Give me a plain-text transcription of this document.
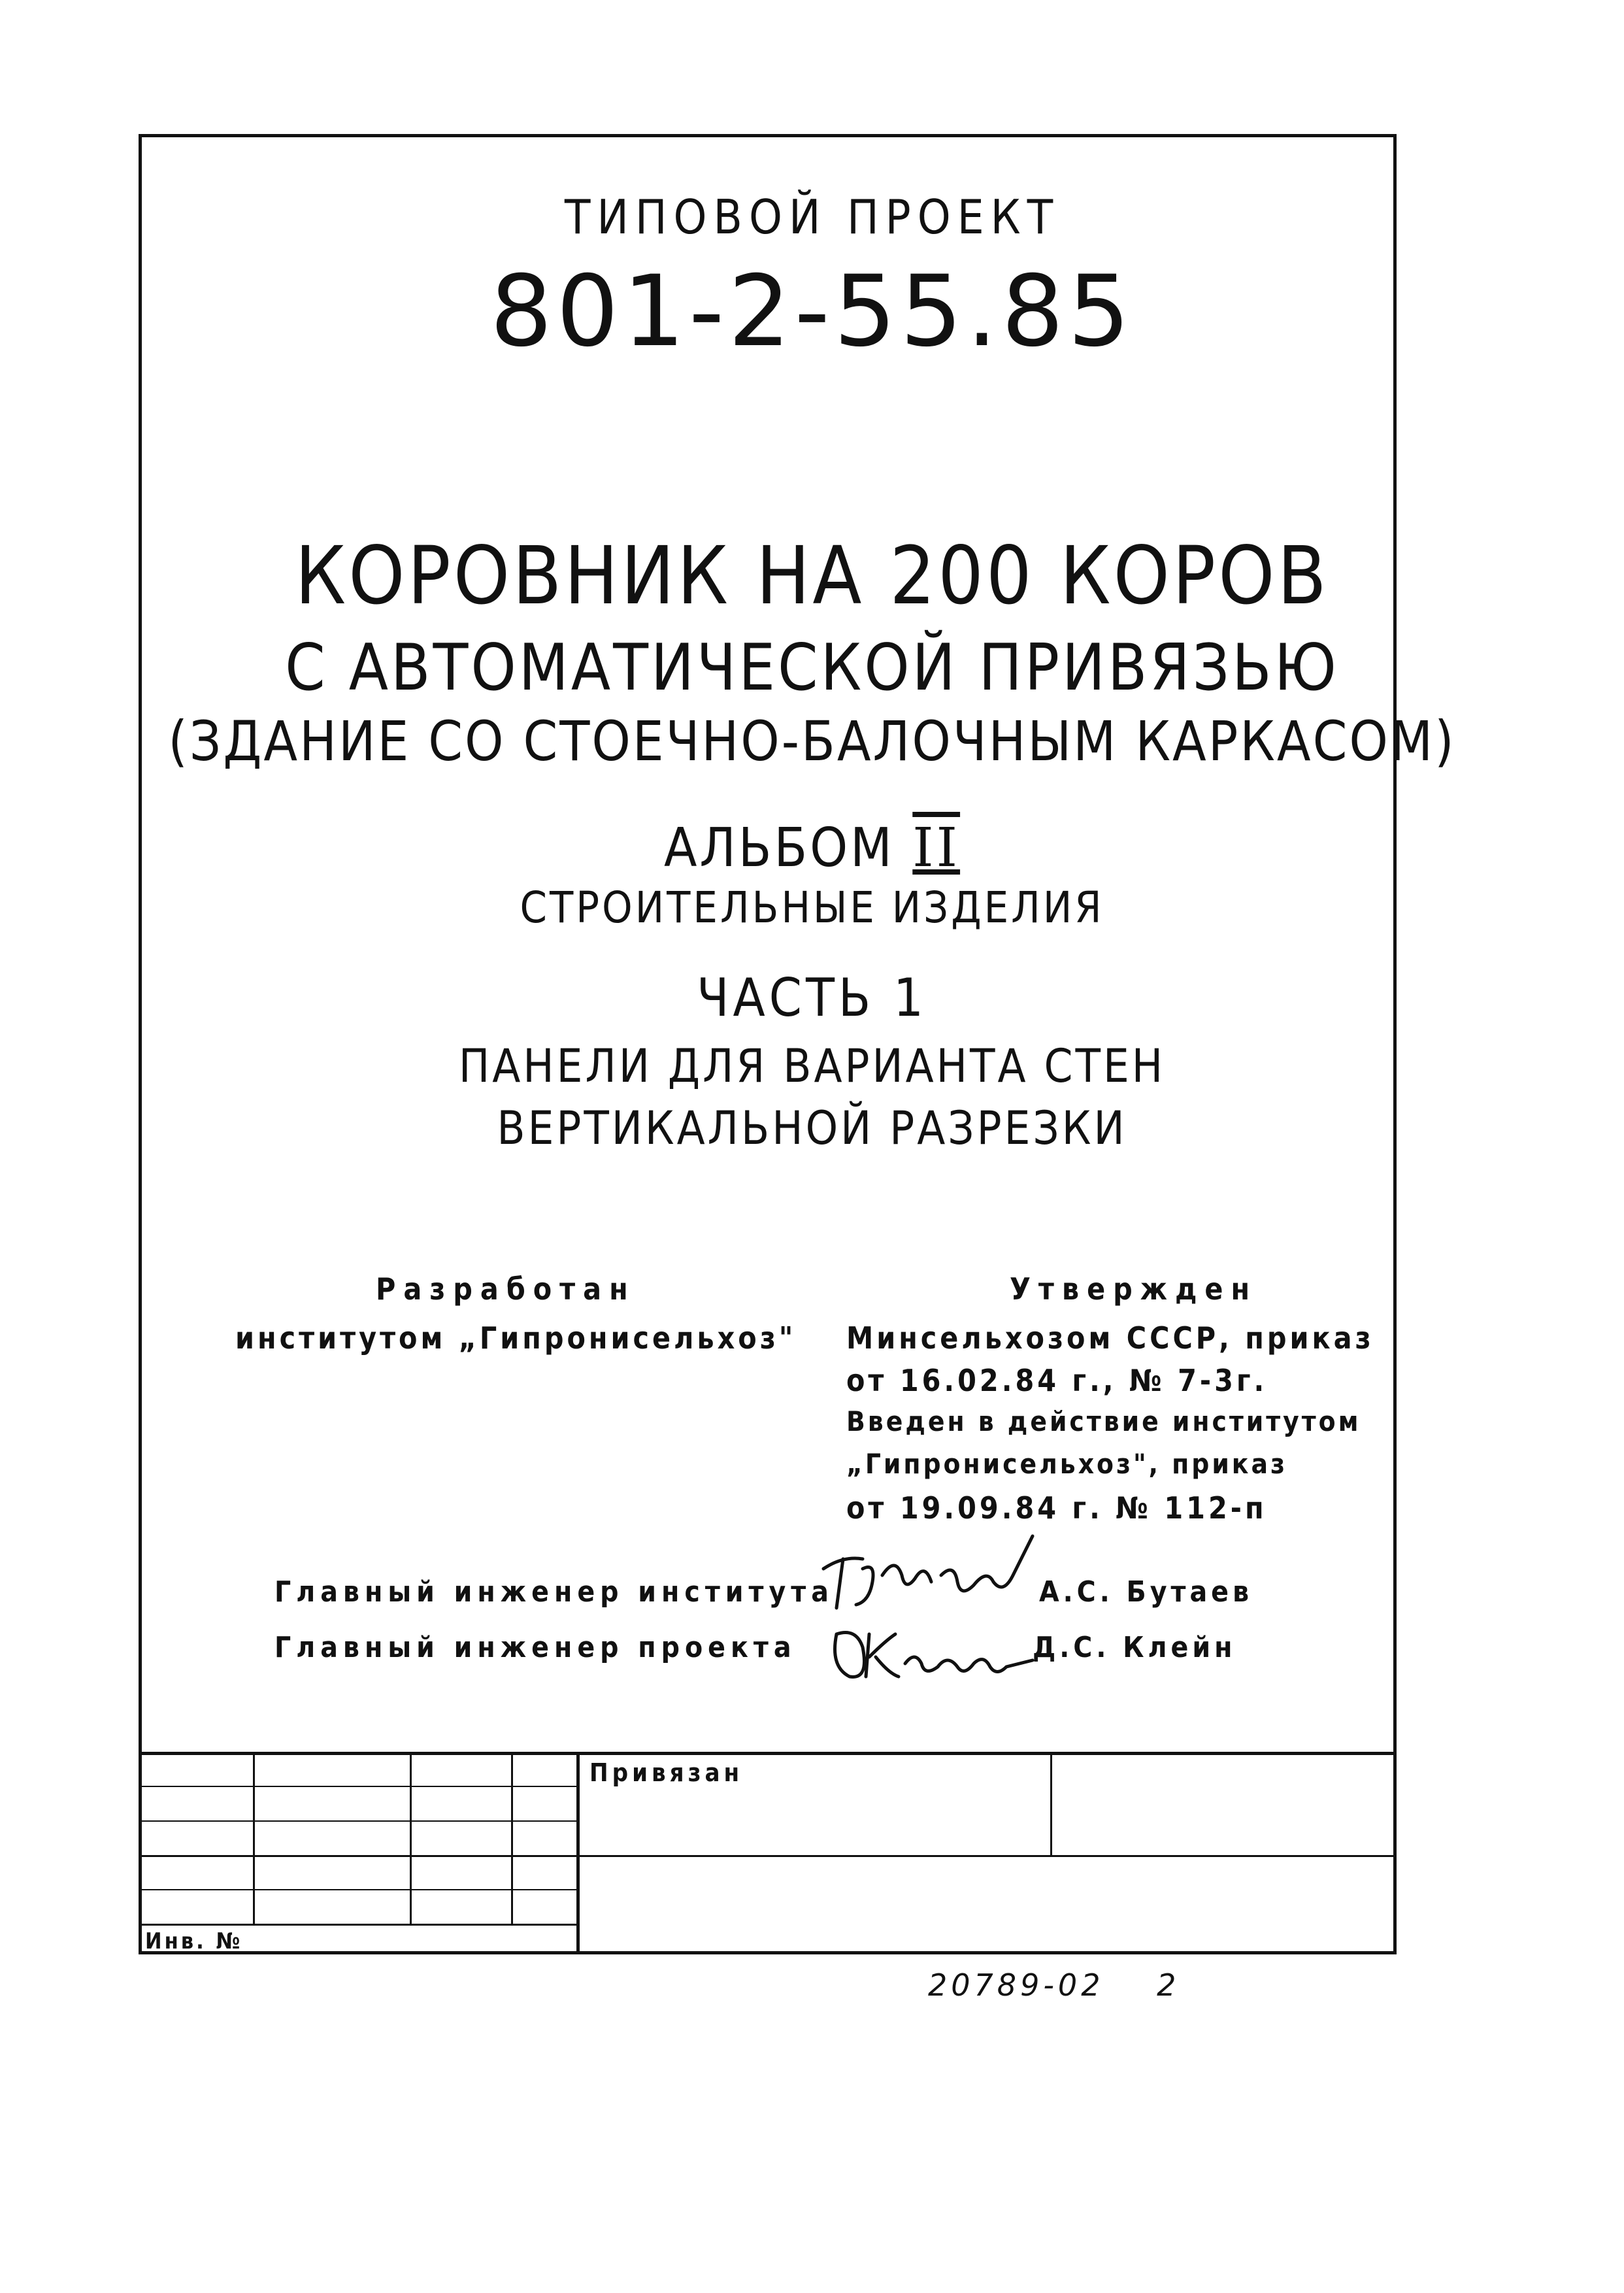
ТИПОВОЙ ПРОЕКТ
801-2-55.85
КОРОВНИК НА 200 КОРОВ
С АВТОМАТИЧЕСКОЙ ПРИВЯЗЬЮ
(ЗДАНИЕ СО СТОЕЧНО-БАЛОЧНЫМ КАРКАСОМ)
АЛЬБОМ II
СТРОИТЕЛЬНЫЕ ИЗДЕЛИЯ
ЧАСТЬ 1
ПАНЕЛИ ДЛЯ ВАРИАНТА СТЕН
ВЕРТИКАЛЬНОЙ РАЗРЕЗКИ
Разработан
институтом „Гипронисельхоз"
Утвержден
Минсельхозом СССР, приказ
от 16.02.84 г., № 7-3г.
Введен в действие институтом
„Гипронисельхоз", приказ
от 19.09.84 г. № 112-п
Главный инженер института	А.С. Бутаев
Главный инженер проекта	Д.С. Клейн
Привязан
Инв. №
20789-02 2
